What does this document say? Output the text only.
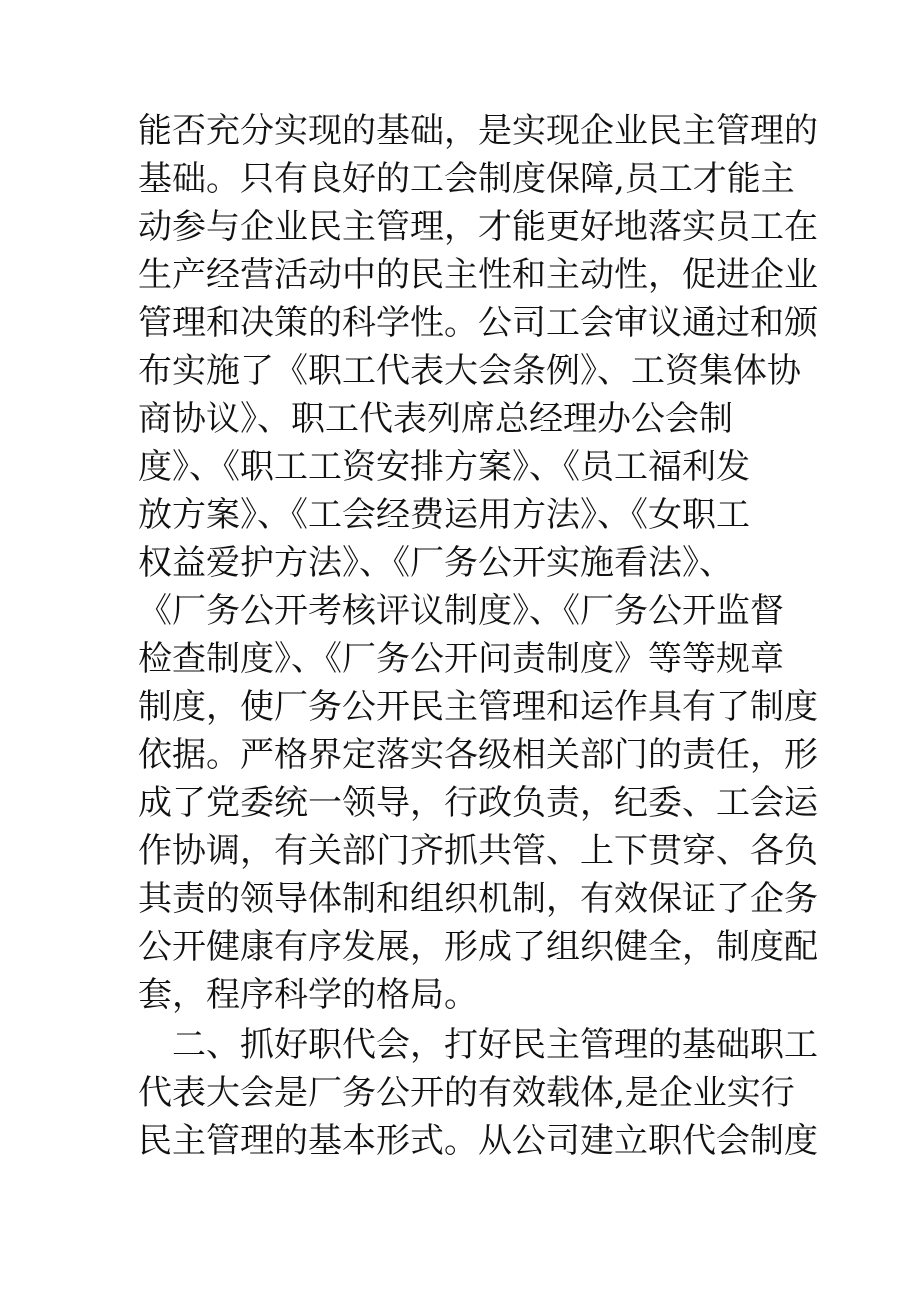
能否充分实现的基础，是实现企业民主管理的
基础。只有良好的工会制度保障,员工才能主
动参与企业民主管理，才能更好地落实员工在
生产经营活动中的民主性和主动性，促进企业
管理和决策的科学性。公司工会审议通过和颁
布实施了《职工代表大会条例》、工资集体协
商协议》、职工代表列席总经理办公会制
度》、《职工工资安排方案》、《员工福利发
放方案》、《工会经费运用方法》、《女职工
权益爱护方法》、《厂务公开实施看法》、
《厂务公开考核评议制度》、《厂务公开监督
检查制度》、《厂务公开问责制度》等等规章
制度，使厂务公开民主管理和运作具有了制度
依据。严格界定落实各级相关部门的责任，形
成了党委统一领导，行政负责，纪委、工会运
作协调，有关部门齐抓共管、上下贯穿、各负
其责的领导体制和组织机制，有效保证了企务
公开健康有序发展，形成了组织健全，制度配
套，程序科学的格局。
二、抓好职代会，打好民主管理的基础职工
代表大会是厂务公开的有效载体,是企业实行
民主管理的基本形式。从公司建立职代会制度
